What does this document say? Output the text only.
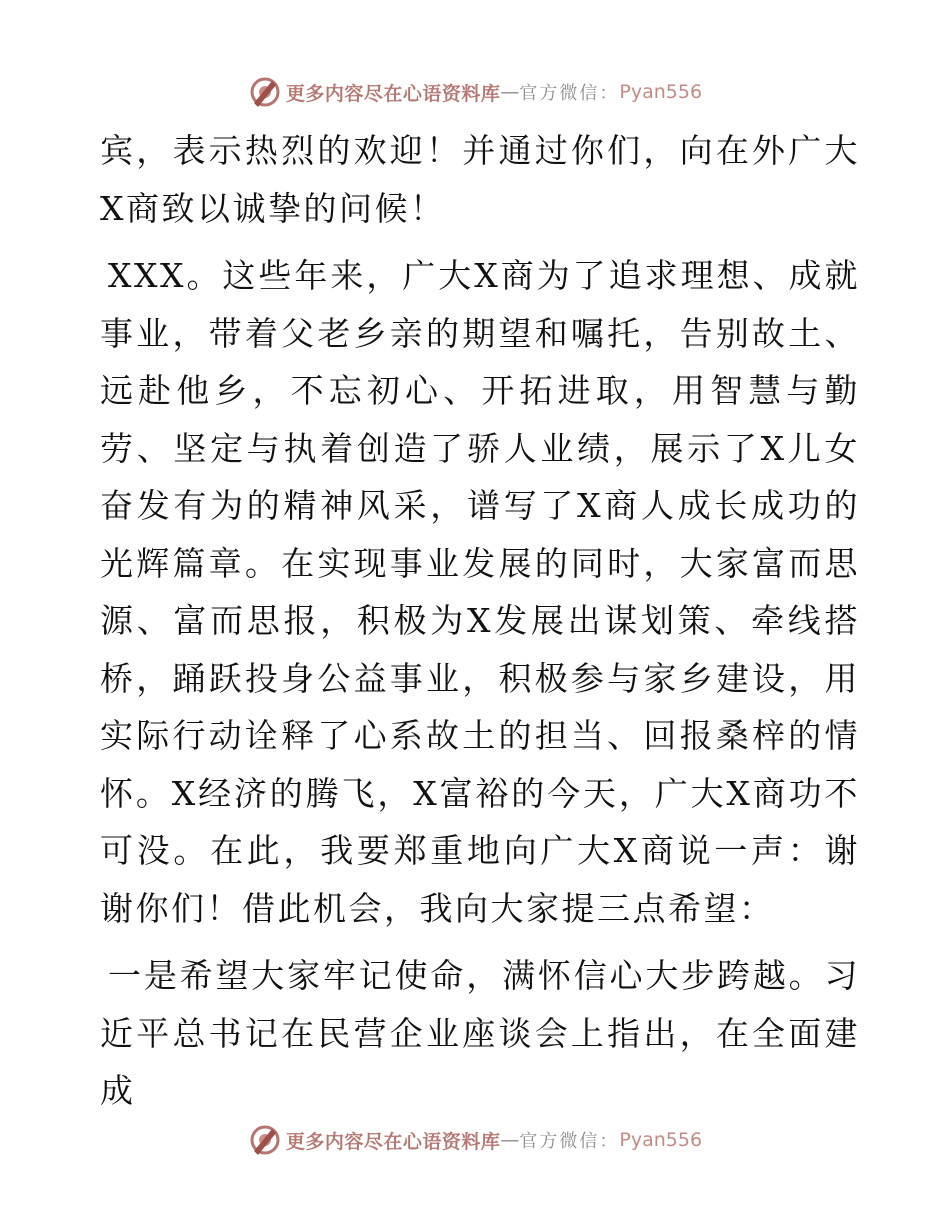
更多内容尽在心语资料库 — 官方微信： Pyan556

宾，表示热烈的欢迎！并通过你们，向在外广大X商致以诚挚的问候！

XXX。这些年来，广大X商为了追求理想、成就事业，带着父老乡亲的期望和嘱托，告别故土、远赴他乡，不忘初心、开拓进取，用智慧与勤劳、坚定与执着创造了骄人业绩，展示了X儿女奋发有为的精神风采，谱写了X商人成长成功的光辉篇章。在实现事业发展的同时，大家富而思源、富而思报，积极为X发展出谋划策、牵线搭桥，踊跃投身公益事业，积极参与家乡建设，用实际行动诠释了心系故土的担当、回报桑梓的情怀。X经济的腾飞，X富裕的今天，广大X商功不可没。在此，我要郑重地向广大X商说一声：谢谢你们！借此机会，我向大家提三点希望：

一是希望大家牢记使命，满怀信心大步跨越。习近平总书记在民营企业座谈会上指出，在全面建成

更多内容尽在心语资料库 — 官方微信： Pyan556
